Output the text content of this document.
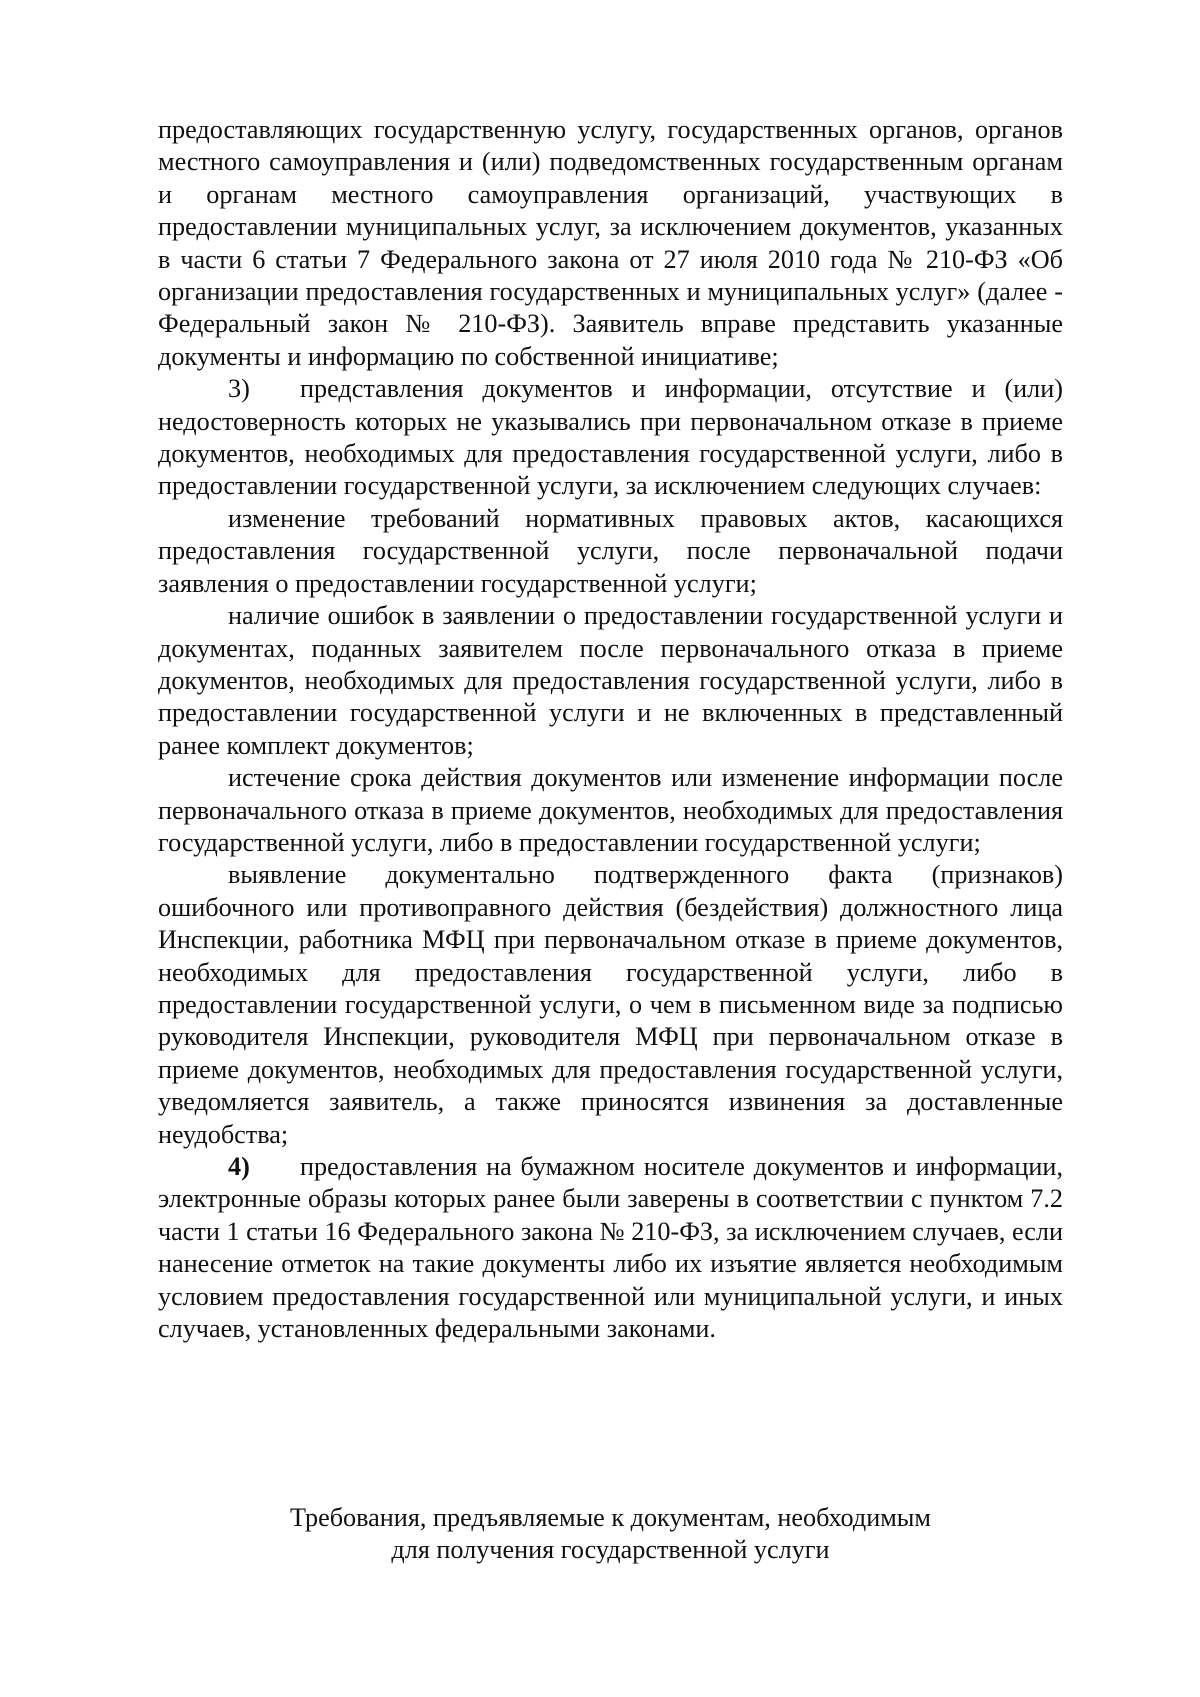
предоставляющих государственную услугу, государственных органов, органов местного самоуправления и (или) подведомственных государственным органам и органам местного самоуправления организаций, участвующих в предоставлении муниципальных услуг, за исключением документов, указанных в части 6 статьи 7 Федерального закона от 27 июля 2010 года № 210-ФЗ «Об организации предоставления государственных и муниципальных услуг» (далее - Федеральный закон № 210-ФЗ). Заявитель вправе представить указанные документы и информацию по собственной инициативе;

3) представления документов и информации, отсутствие и (или) недостоверность которых не указывались при первоначальном отказе в приеме документов, необходимых для предоставления государственной услуги, либо в предоставлении государственной услуги, за исключением следующих случаев:

изменение требований нормативных правовых актов, касающихся предоставления государственной услуги, после первоначальной подачи заявления о предоставлении государственной услуги;

наличие ошибок в заявлении о предоставлении государственной услуги и документах, поданных заявителем после первоначального отказа в приеме документов, необходимых для предоставления государственной услуги, либо в предоставлении государственной услуги и не включенных в представленный ранее комплект документов;

истечение срока действия документов или изменение информации после первоначального отказа в приеме документов, необходимых для предоставления государственной услуги, либо в предоставлении государственной услуги;

выявление документально подтвержденного факта (признаков) ошибочного или противоправного действия (бездействия) должностного лица Инспекции, работника МФЦ при первоначальном отказе в приеме документов, необходимых для предоставления государственной услуги, либо в предоставлении государственной услуги, о чем в письменном виде за подписью руководителя Инспекции, руководителя МФЦ при первоначальном отказе в приеме документов, необходимых для предоставления государственной услуги, уведомляется заявитель, а также приносятся извинения за доставленные неудобства;

4) предоставления на бумажном носителе документов и информации, электронные образы которых ранее были заверены в соответствии с пунктом 7.2 части 1 статьи 16 Федерального закона № 210-ФЗ, за исключением случаев, если нанесение отметок на такие документы либо их изъятие является необходимым условием предоставления государственной или муниципальной услуги, и иных случаев, установленных федеральными законами.

Требования, предъявляемые к документам, необходимым
для получения государственной услуги
